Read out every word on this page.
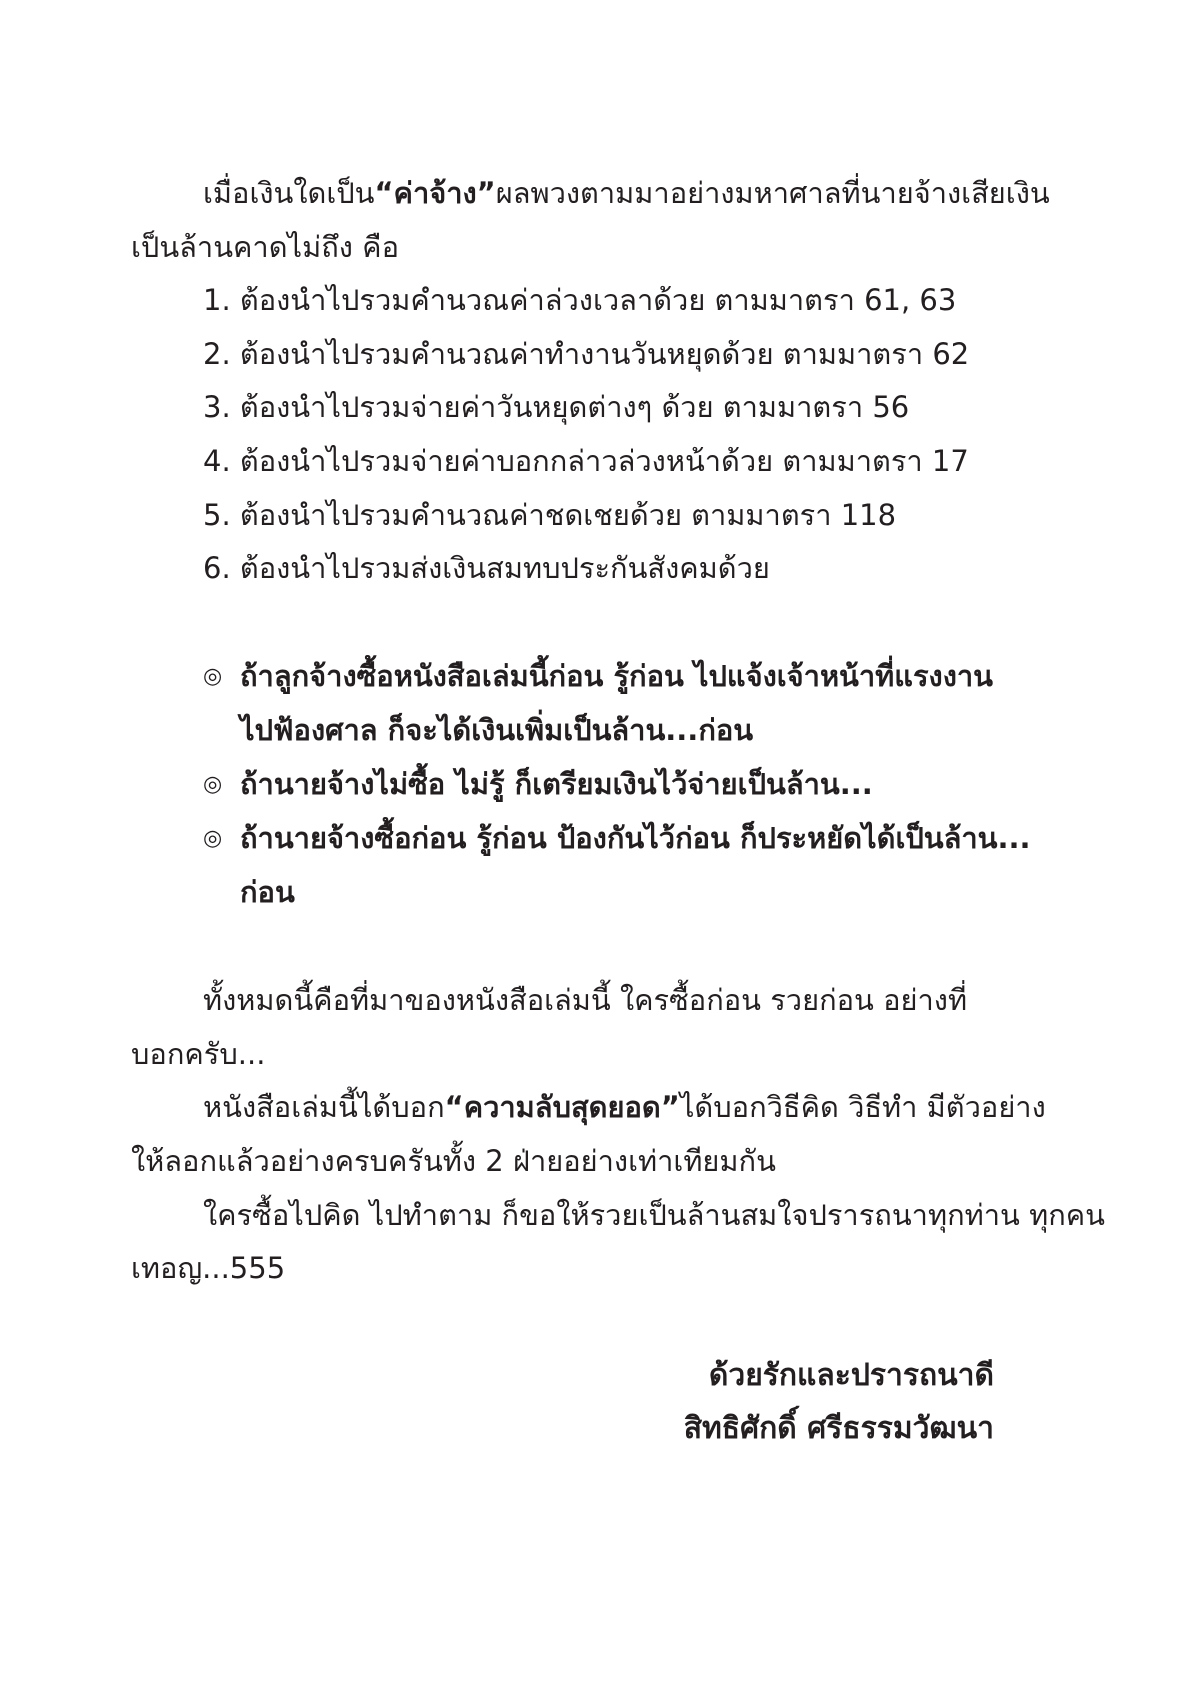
เมื่อเงินใดเป็น “ค่าจ้าง” ผลพวงตามมาอย่างมหาศาลที่นายจ้างเสียเงิน
เป็นล้านคาดไม่ถึง คือ
1. ต้องนำไปรวมคำนวณค่าล่วงเวลาด้วย ตามมาตรา 61, 63
2. ต้องนำไปรวมคำนวณค่าทำงานวันหยุดด้วย ตามมาตรา 62
3. ต้องนำไปรวมจ่ายค่าวันหยุดต่างๆ ด้วย ตามมาตรา 56
4. ต้องนำไปรวมจ่ายค่าบอกกล่าวล่วงหน้าด้วย ตามมาตรา 17
5. ต้องนำไปรวมคำนวณค่าชดเชยด้วย ตามมาตรา 118
6. ต้องนำไปรวมส่งเงินสมทบประกันสังคมด้วย
◎ ถ้าลูกจ้างซื้อหนังสือเล่มนี้ก่อน รู้ก่อน ไปแจ้งเจ้าหน้าที่แรงงาน
ไปฟ้องศาล ก็จะได้เงินเพิ่มเป็นล้าน...ก่อน
◎ ถ้านายจ้างไม่ซื้อ ไม่รู้ ก็เตรียมเงินไว้จ่ายเป็นล้าน...
◎ ถ้านายจ้างซื้อก่อน รู้ก่อน ป้องกันไว้ก่อน ก็ประหยัดได้เป็นล้าน...
ก่อน
ทั้งหมดนี้คือที่มาของหนังสือเล่มนี้ ใครซื้อก่อน รวยก่อน อย่างที่
บอกครับ...
หนังสือเล่มนี้ได้บอก “ความลับสุดยอด” ได้บอกวิธีคิด วิธีทำ มีตัวอย่าง
ให้ลอกแล้วอย่างครบครันทั้ง 2 ฝ่ายอย่างเท่าเทียมกัน
ใครซื้อไปคิด ไปทำตาม ก็ขอให้รวยเป็นล้านสมใจปรารถนาทุกท่าน ทุกคน
เทอญ...555
ด้วยรักและปรารถนาดี
สิทธิศักดิ์ ศรีธรรมวัฒนา
